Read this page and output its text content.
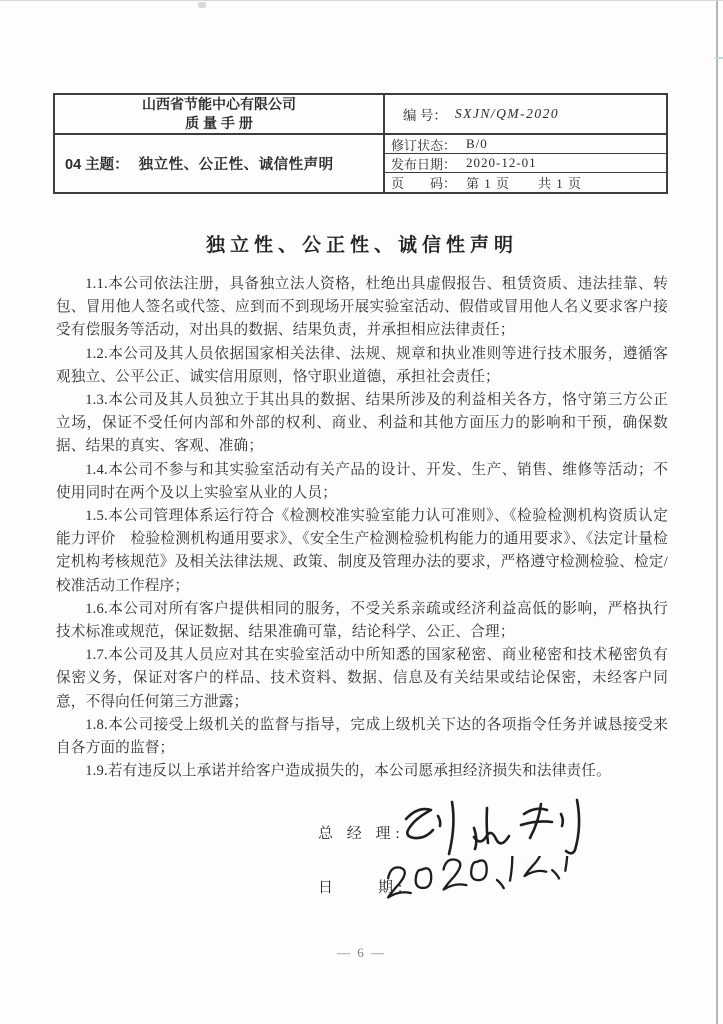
山西省节能中心有限公司
质 量 手 册	编 号： SXJN/QM-2020
04 主题： 独立性、公正性、诚信性声明
修订状态： B/0
发布日期： 2020-12-01
页　　码： 第 1 页　　共 1 页
独立性、公正性、诚信性声明

1.1.本公司依法注册，具备独立法人资格，杜绝出具虚假报告、租赁资质、违法挂靠、转包、冒用他人签名或代签、应到而不到现场开展实验室活动、假借或冒用他人名义要求客户接受有偿服务等活动，对出具的数据、结果负责，并承担相应法律责任；

1.2.本公司及其人员依据国家相关法律、法规、规章和执业准则等进行技术服务，遵循客观独立、公平公正、诚实信用原则，恪守职业道德，承担社会责任；

1.3.本公司及其人员独立于其出具的数据、结果所涉及的利益相关各方，恪守第三方公正立场，保证不受任何内部和外部的权利、商业、利益和其他方面压力的影响和干预，确保数据、结果的真实、客观、准确；

1.4.本公司不参与和其实验室活动有关产品的设计、开发、生产、销售、维修等活动；不使用同时在两个及以上实验室从业的人员；

1.5.本公司管理体系运行符合《检测校准实验室能力认可准则》、《检验检测机构资质认定能力评价　检验检测机构通用要求》、《安全生产检测检验机构能力的通用要求》、《法定计量检定机构考核规范》及相关法律法规、政策、制度及管理办法的要求，严格遵守检测检验、检定/校准活动工作程序；

1.6.本公司对所有客户提供相同的服务，不受关系亲疏或经济利益高低的影响，严格执行技术标准或规范，保证数据、结果准确可靠，结论科学、公正、合理；

1.7.本公司及其人员应对其在实验室活动中所知悉的国家秘密、商业秘密和技术秘密负有保密义务，保证对客户的样品、技术资料、数据、信息及有关结果或结论保密，未经客户同意，不得向任何第三方泄露；

1.8.本公司接受上级机关的监督与指导，完成上级机关下达的各项指令任务并诚恳接受来自各方面的监督；

1.9.若有违反以上承诺并给客户造成损失的，本公司愿承担经济损失和法律责任。

总 经 理:
日　　期:
— 6 —
